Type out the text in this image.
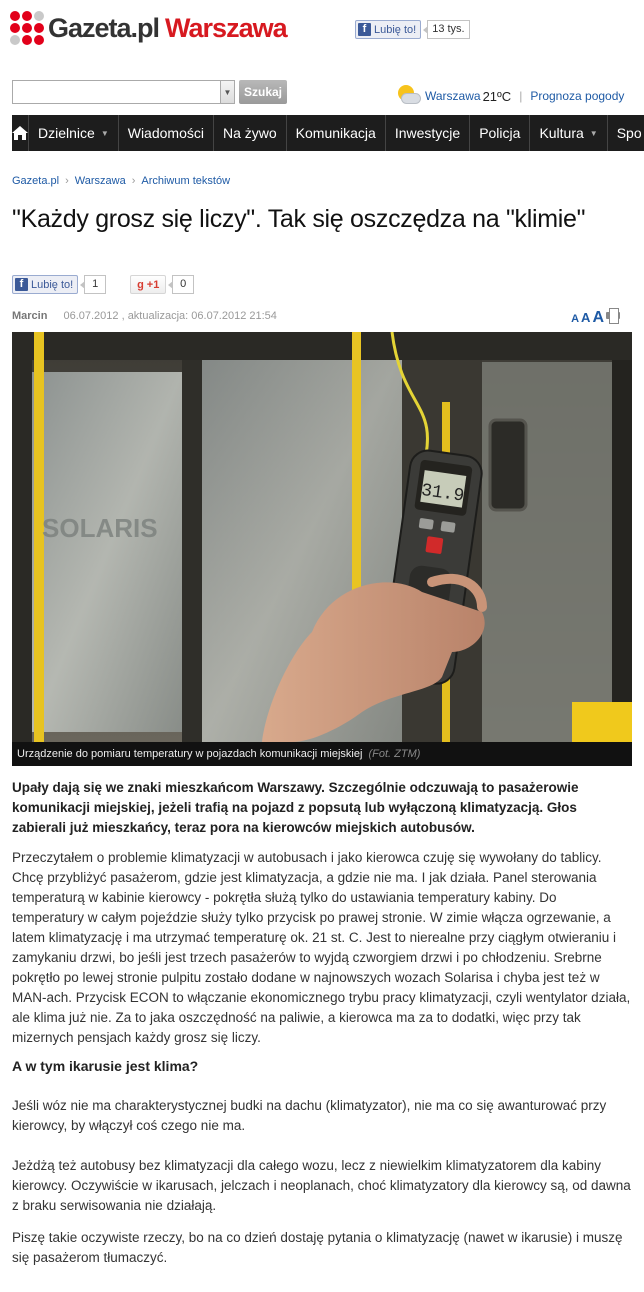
Gazeta.pl Warszawa	f Lubię to!	13 tys.
▼	Szukaj	Warszawa 21ºC | Prognoza pogody
Dzielnice ▼ Wiadomości Na żywo Komunikacja Inwestycje Policja Kultura ▼ Spo
Gazeta.pl › Warszawa › Archiwum tekstów
"Każdy grosz się liczy". Tak się oszczędza na "klimie"
f Lubię to!	1	g +1	0
Marcin 06.07.2012 , aktualizacja: 06.07.2012 21:54	A A A
SOLARIS
31.9
Urządzenie do pomiaru temperatury w pojazdach komunikacji miejskiej (Fot. ZTM)

Upały dają się we znaki mieszkańcom Warszawy. Szczególnie odczuwają to pasażerowie komunikacji miejskiej, jeżeli trafią na pojazd z popsutą lub wyłączoną klimatyzacją. Głos zabierali już mieszkańcy, teraz pora na kierowców miejskich autobusów.

Przeczytałem o problemie klimatyzacji w autobusach i jako kierowca czuję się wywołany do tablicy. Chcę przybliżyć pasażerom, gdzie jest klimatyzacja, a gdzie nie ma. I jak działa. Panel sterowania temperaturą w kabinie kierowcy - pokrętła służą tylko do ustawiania temperatury kabiny. Do temperatury w całym pojeździe służy tylko przycisk po prawej stronie. W zimie włącza ogrzewanie, a latem klimatyzację i ma utrzymać temperaturę ok. 21 st. C. Jest to nierealne przy ciągłym otwieraniu i zamykaniu drzwi, bo jeśli jest trzech pasażerów to wyjdą czworgiem drzwi i po chłodzeniu. Srebrne pokrętło po lewej stronie pulpitu zostało dodane w najnowszych wozach Solarisa i chyba jest też w MAN-ach. Przycisk ECON to włączanie ekonomicznego trybu pracy klimatyzacji, czyli wentylator działa, ale klima już nie. Za to jaka oszczędność na paliwie, a kierowca ma za to dodatki, więc przy tak mizernych pensjach każdy grosz się liczy.

A w tym ikarusie jest klima?

Jeśli wóz nie ma charakterystycznej budki na dachu (klimatyzator), nie ma co się awanturować przy kierowcy, by włączył coś czego nie ma.

Jeżdżą też autobusy bez klimatyzacji dla całego wozu, lecz z niewielkim klimatyzatorem dla kabiny kierowcy. Oczywiście w ikarusach, jelczach i neoplanach, choć klimatyzatory dla kierowcy są, od dawna z braku serwisowania nie działają.

Piszę takie oczywiste rzeczy, bo na co dzień dostaję pytania o klimatyzację (nawet w ikarusie) i muszę się pasażerom tłumaczyć.
